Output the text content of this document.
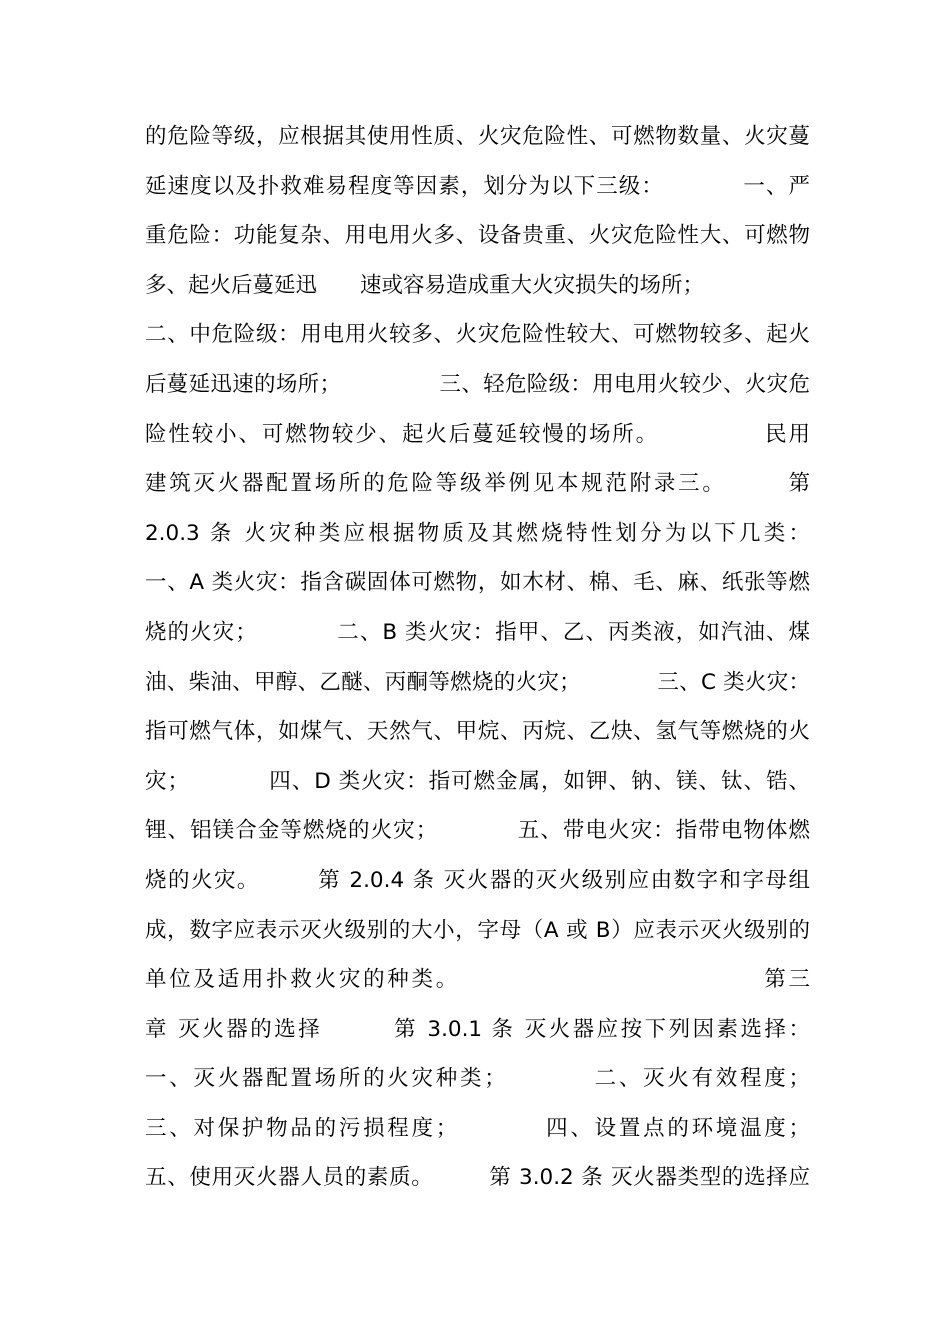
的危险等级，应根据其使用性质、火灾危险性、可燃物数量、火灾蔓
延速度以及扑救难易程度等因素，划分为以下三级：　　　　一、严
重危险：功能复杂、用电用火多、设备贵重、火灾危险性大、可燃物
多、起火后蔓延迅　　速或容易造成重大火灾损失的场所；
二、中危险级：用电用火较多、火灾危险性较大、可燃物较多、起火
后蔓延迅速的场所；　　　　　三、轻危险级：用电用火较少、火灾危
险性较小、可燃物较少、起火后蔓延较慢的场所。　　　　　民用
建筑灭火器配置场所的危险等级举例见本规范附录三。　　　第
2.0.3 条 火灾种类应根据物质及其燃烧特性划分为以下几类：
一、A 类火灾：指含碳固体可燃物，如木材、棉、毛、麻、纸张等燃
烧的火灾；　　　　二、B 类火灾：指甲、乙、丙类液，如汽油、煤
油、柴油、甲醇、乙醚、丙酮等燃烧的火灾；　　　　三、C 类火灾：
指可燃气体，如煤气、天然气、甲烷、丙烷、乙炔、氢气等燃烧的火
灾；　　　　四、D 类火灾：指可燃金属，如钾、钠、镁、钛、锆、
锂、铝镁合金等燃烧的火灾；　　　　五、带电火灾：指带电物体燃
烧的火灾。　　　第 2.0.4 条 灭火器的灭火级别应由数字和字母组
成，数字应表示灭火级别的大小，字母（A 或 B）应表示灭火级别的
单位及适用扑救火灾的种类。　　　　　　　　　　　　　第三
章 灭火器的选择　　　第 3.0.1 条 灭火器应按下列因素选择：
一、灭火器配置场所的火灾种类；　　　　二、灭火有效程度；
三、对保护物品的污损程度；　　　　四、设置点的环境温度；
五、使用灭火器人员的素质。　　　第 3.0.2 条 灭火器类型的选择应
